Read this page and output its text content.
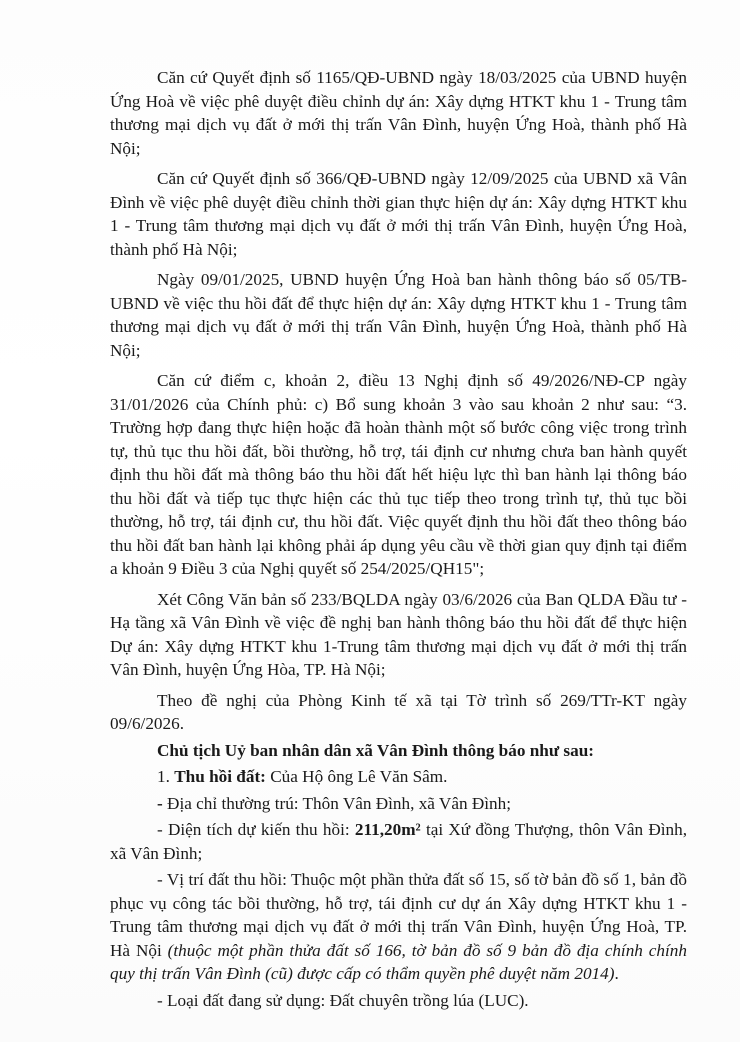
Căn cứ Quyết định số 1165/QĐ-UBND ngày 18/03/2025 của UBND huyện Ứng Hoà về việc phê duyệt điều chỉnh dự án: Xây dựng HTKT khu 1 - Trung tâm thương mại dịch vụ đất ở mới thị trấn Vân Đình, huyện Ứng Hoà, thành phố Hà Nội;

Căn cứ Quyết định số 366/QĐ-UBND ngày 12/09/2025 của UBND xã Vân Đình về việc phê duyệt điều chỉnh thời gian thực hiện dự án: Xây dựng HTKT khu 1 - Trung tâm thương mại dịch vụ đất ở mới thị trấn Vân Đình, huyện Ứng Hoà, thành phố Hà Nội;

Ngày 09/01/2025, UBND huyện Ứng Hoà ban hành thông báo số 05/TB-UBND về việc thu hồi đất để thực hiện dự án: Xây dựng HTKT khu 1 - Trung tâm thương mại dịch vụ đất ở mới thị trấn Vân Đình, huyện Ứng Hoà, thành phố Hà Nội;

Căn cứ điểm c, khoản 2, điều 13 Nghị định số 49/2026/NĐ-CP ngày 31/01/2026 của Chính phủ: c) Bổ sung khoản 3 vào sau khoản 2 như sau: “3. Trường hợp đang thực hiện hoặc đã hoàn thành một số bước công việc trong trình tự, thủ tục thu hồi đất, bồi thường, hỗ trợ, tái định cư nhưng chưa ban hành quyết định thu hồi đất mà thông báo thu hồi đất hết hiệu lực thì ban hành lại thông báo thu hồi đất và tiếp tục thực hiện các thủ tục tiếp theo trong trình tự, thủ tục bồi thường, hỗ trợ, tái định cư, thu hồi đất. Việc quyết định thu hồi đất theo thông báo thu hồi đất ban hành lại không phải áp dụng yêu cầu về thời gian quy định tại điểm a khoản 9 Điều 3 của Nghị quyết số 254/2025/QH15";

Xét Công Văn bản số 233/BQLDA ngày 03/6/2026 của Ban QLDA Đầu tư - Hạ tầng xã Vân Đình về việc đề nghị ban hành thông báo thu hồi đất để thực hiện Dự án: Xây dựng HTKT khu 1-Trung tâm thương mại dịch vụ đất ở mới thị trấn Vân Đình, huyện Ứng Hòa, TP. Hà Nội;

Theo đề nghị của Phòng Kinh tế xã tại Tờ trình số 269/TTr-KT ngày 09/6/2026.

Chủ tịch Uỷ ban nhân dân xã Vân Đình thông báo như sau:

1. Thu hồi đất: Của Hộ ông Lê Văn Sâm.

- Địa chỉ thường trú: Thôn Vân Đình, xã Vân Đình;

- Diện tích dự kiến thu hồi: 211,20m² tại Xứ đồng Thượng, thôn Vân Đình, xã Vân Đình;

- Vị trí đất thu hồi: Thuộc một phần thửa đất số 15, số tờ bản đồ số 1, bản đồ phục vụ công tác bồi thường, hỗ trợ, tái định cư dự án Xây dựng HTKT khu 1 - Trung tâm thương mại dịch vụ đất ở mới thị trấn Vân Đình, huyện Ứng Hoà, TP. Hà Nội (thuộc một phần thửa đất số 166, tờ bản đồ số 9 bản đồ địa chính chính quy thị trấn Vân Đình (cũ) được cấp có thẩm quyền phê duyệt năm 2014).

- Loại đất đang sử dụng: Đất chuyên trồng lúa (LUC).
